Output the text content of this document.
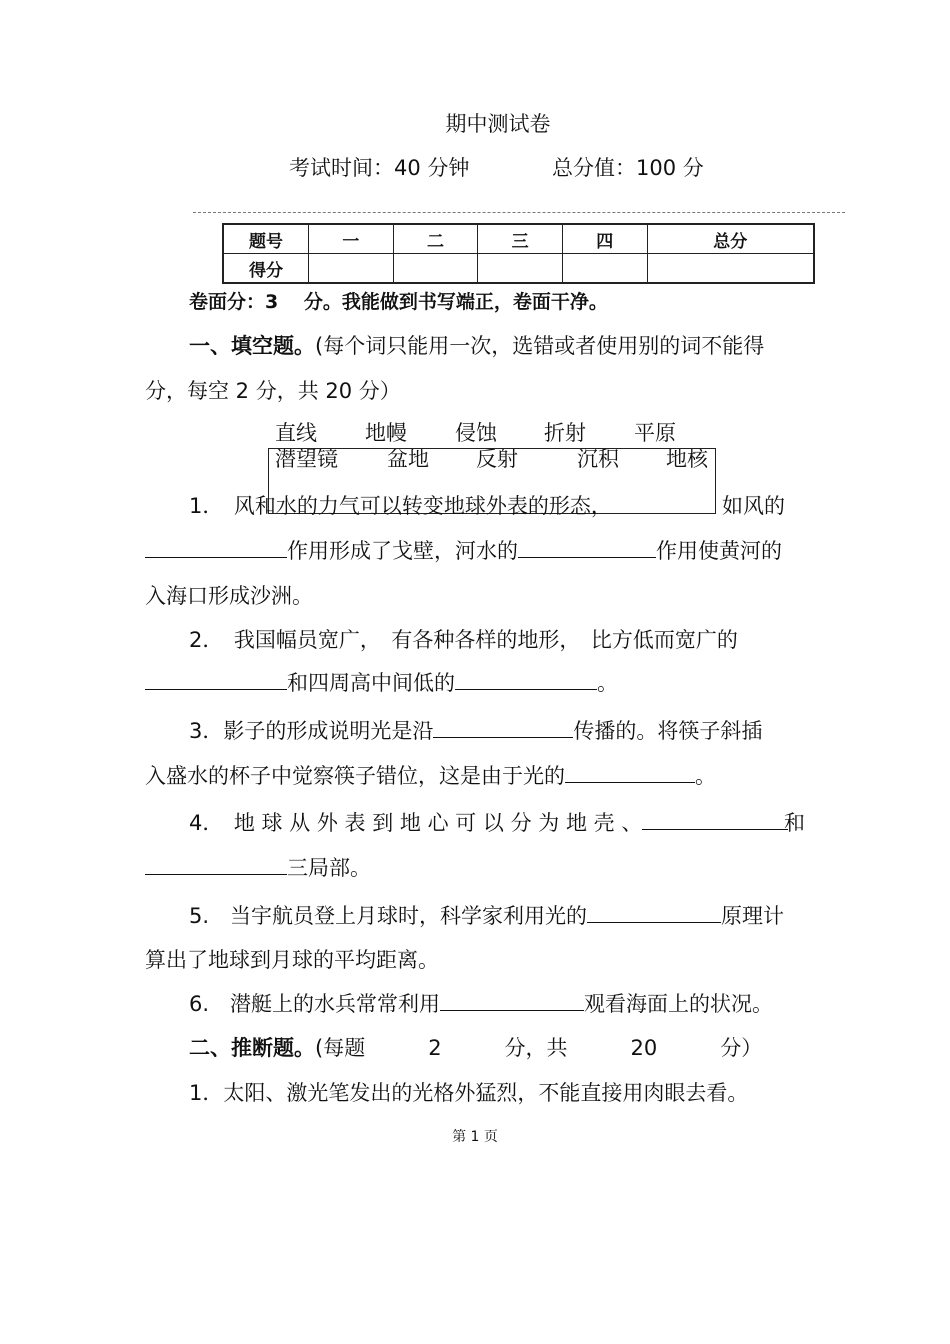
期中测试卷
考试时间：40 分钟	总分值：100 分
题号	一	二	三	四	总分
得分					
卷面分：3　 分。我能做到书写端正，卷面干净。
一、填空题。(每个词只能用一次，选错或者使用别的词不能得
分，每空 2 分，共 20 分）
直线 地幔 侵蚀 折射 平原
潜望镜 盆地 反射	沉积 地核
1．　风和水的力气可以转变地球外表的形态，	如风的
作用形成了戈壁，河水的	作用使黄河的
入海口形成沙洲。
2．　我国幅员宽广，　有各种各样的地形，　比方低而宽广的
和四周高中间低的	。
3．影子的形成说明光是沿	传播的。将筷子斜插
入盛水的杯子中觉察筷子错位，这是由于光的	。
4．　地 球 从 外 表 到 地 心 可 以 分 为 地 壳 、	和
三局部。
5.　当宇航员登上月球时，科学家利用光的	原理计
算出了地球到月球的平均距离。
6.　潜艇上的水兵常常利用	观看海面上的状况。
二、推断题。(每题　　　2　　　分，共　　　20　　　分）
1．太阳、激光笔发出的光格外猛烈，不能直接用肉眼去看。
第 1 页
